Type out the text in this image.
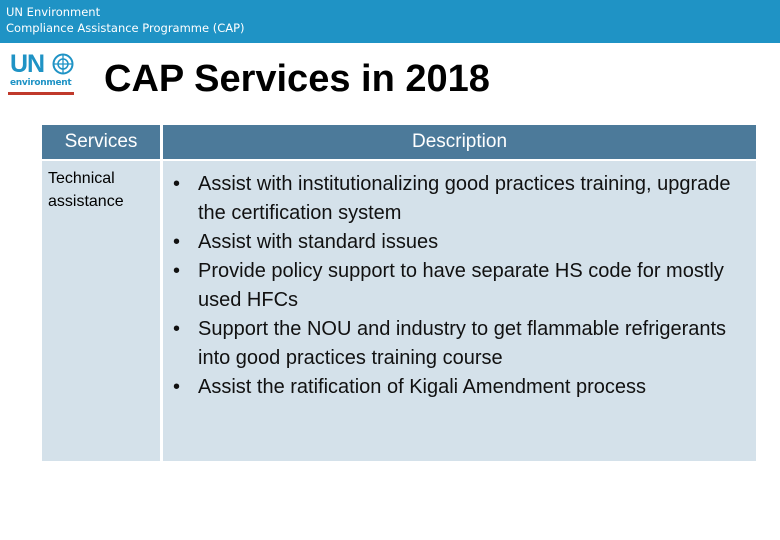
UN Environment
Compliance Assistance Programme (CAP)
UN
environment CAP Services in 2018
Services	Description
Technical assistance
• Assist with institutionalizing good practices training, upgrade the certification system
• Assist with standard issues
• Provide policy support to have separate HS code for mostly used HFCs
• Support the NOU and industry to get flammable refrigerants into good practices training course
• Assist the ratification of Kigali Amendment process
